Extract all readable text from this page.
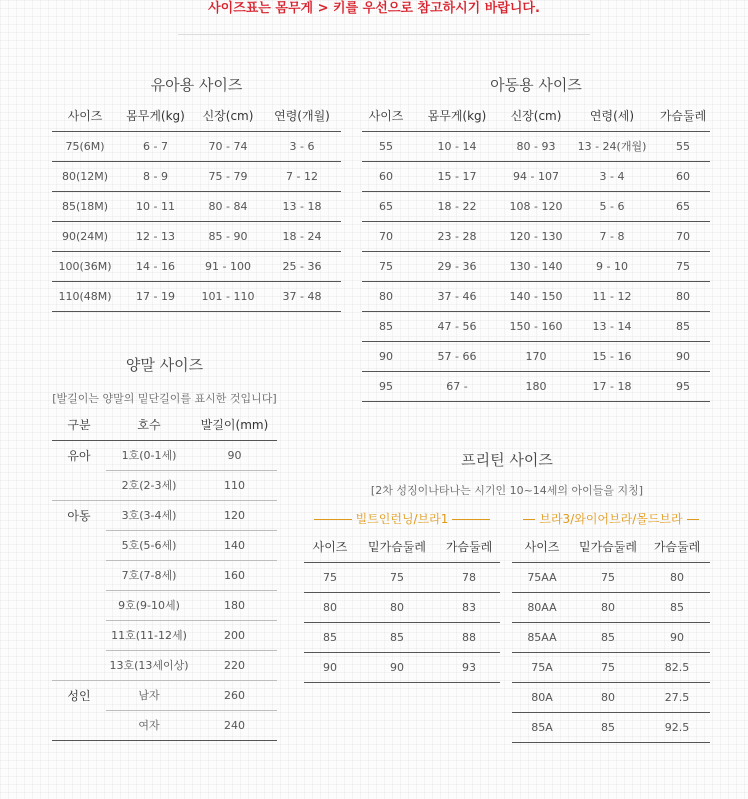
사이즈표는 몸무게 > 키를 우선으로 참고하시기 바랍니다.
유아용 사이즈
사이즈	몸무게(kg)	신장(cm)	연령(개월)
75(6M)	6 - 7	70 - 74	3 - 6
80(12M)	8 - 9	75 - 79	7 - 12
85(18M)	10 - 11	80 - 84	13 - 18
90(24M)	12 - 13	85 - 90	18 - 24
100(36M)	14 - 16	91 - 100	25 - 36
110(48M)	17 - 19	101 - 110	37 - 48
아동용 사이즈
사이즈	몸무게(kg)	신장(cm)	연령(세)	가슴둘레
55	10 - 14	80 - 93	13 - 24(개월)	55
60	15 - 17	94 - 107	3 - 4	60
65	18 - 22	108 - 120	5 - 6	65
70	23 - 28	120 - 130	7 - 8	70
75	29 - 36	130 - 140	9 - 10	75
80	37 - 46	140 - 150	11 - 12	80
85	47 - 56	150 - 160	13 - 14	85
90	57 - 66	170	15 - 16	90
95	67 -	180	17 - 18	95
양말 사이즈
[발길이는 양말의 밑단길이를 표시한 것입니다]
구분	호수	발길이(mm)
유아	1호(0-1세)	90
	2호(2-3세)	110
아동	3호(3-4세)	120
	5호(5-6세)	140
	7호(7-8세)	160
	9호(9-10세)	180
	11호(11-12세)	200
	13호(13세이상)	220
성인	남자	260
	여자	240
프리틴 사이즈
[2차 성징이나타나는 시기인 10~14세의 아이들을 지칭]
빌트인런닝/브라1	브라3/와이어브라/몰드브라
사이즈	밑가슴둘레	가슴둘레
75	75	78
80	80	83
85	85	88
90	90	93
사이즈	밑가슴둘레	가슴둘레
75AA	75	80
80AA	80	85
85AA	85	90
75A	75	82.5
80A	80	27.5
85A	85	92.5
